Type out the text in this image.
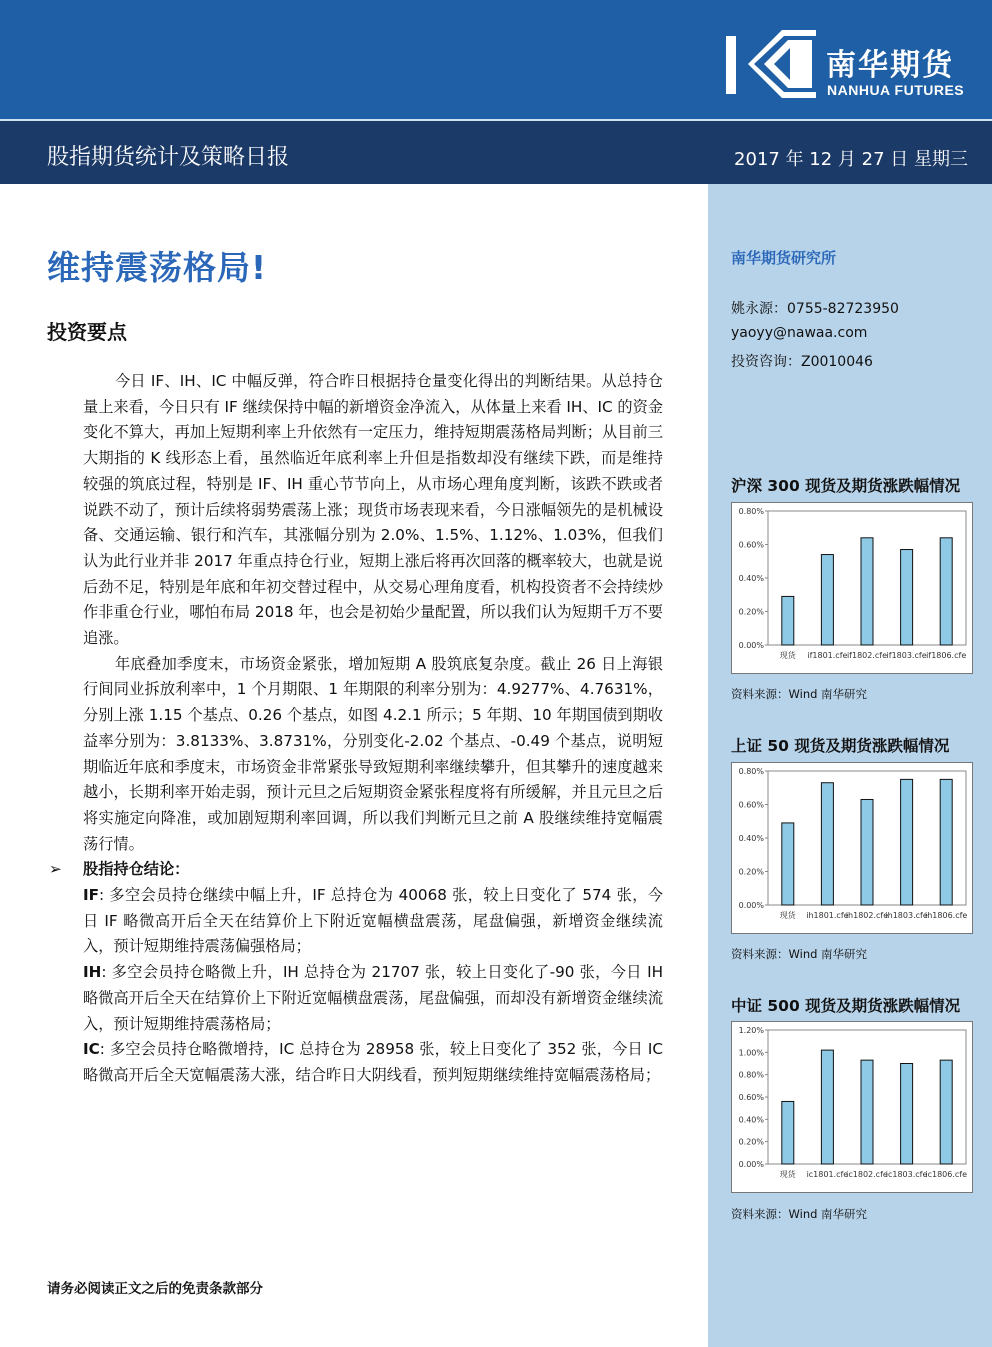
南华期货
NANHUA FUTURES
股指期货统计及策略日报	2017 年 12 月 27 日 星期三
维持震荡格局!
投资要点

今日 IF、IH、IC 中幅反弹，符合昨日根据持仓量变化得出的判断结果。从总持仓量上来看，今日只有 IF 继续保持中幅的新增资金净流入，从体量上来看 IH、IC 的资金变化不算大，再加上短期利率上升依然有一定压力，维持短期震荡格局判断；从目前三大期指的 K 线形态上看，虽然临近年底利率上升但是指数却没有继续下跌，而是维持较强的筑底过程，特别是 IF、IH 重心节节向上，从市场心理角度判断，该跌不跌或者说跌不动了，预计后续将弱势震荡上涨；现货市场表现来看，今日涨幅领先的是机械设备、交通运输、银行和汽车，其涨幅分别为 2.0%、1.5%、1.12%、1.03%，但我们认为此行业并非 2017 年重点持仓行业，短期上涨后将再次回落的概率较大，也就是说后劲不足，特别是年底和年初交替过程中，从交易心理角度看，机构投资者不会持续炒作非重仓行业，哪怕布局 2018 年，也会是初始少量配置，所以我们认为短期千万不要追涨。

年底叠加季度末，市场资金紧张，增加短期 A 股筑底复杂度。截止 26 日上海银行间同业拆放利率中，1 个月期限、1 年期限的利率分别为：4.9277%、4.7631%，分别上涨 1.15 个基点、0.26 个基点，如图 4.2.1 所示；5 年期、10 年期国债到期收益率分别为：3.8133%、3.8731%，分别变化-2.02 个基点、-0.49 个基点，说明短期临近年底和季度末，市场资金非常紧张导致短期利率继续攀升，但其攀升的速度越来越小，长期利率开始走弱，预计元旦之后短期资金紧张程度将有所缓解，并且元旦之后将实施定向降准，或加剧短期利率回调，所以我们判断元旦之前 A 股继续维持宽幅震荡行情。

➢	股指持仓结论：
IF: 多空会员持仓继续中幅上升，IF 总持仓为 40068 张，较上日变化了 574 张，今日 IF 略微高开后全天在结算价上下附近宽幅横盘震荡，尾盘偏强，新增资金继续流入，预计短期维持震荡偏强格局；
IH: 多空会员持仓略微上升，IH 总持仓为 21707 张，较上日变化了-90 张，今日 IH 略微高开后全天在结算价上下附近宽幅横盘震荡，尾盘偏强，而却没有新增资金继续流入，预计短期维持震荡格局；
IC: 多空会员持仓略微增持，IC 总持仓为 28958 张，较上日变化了 352 张，今日 IC 略微高开后全天宽幅震荡大涨，结合昨日大阴线看，预判短期继续维持宽幅震荡格局；
请务必阅读正文之后的免责条款部分
南华期货研究所
姚永源：0755-82723950
yaoyy@nawaa.com
投资咨询：Z0010046
沪深 300 现货及期货涨跌幅情况
0.00%
0.20%
0.40%
0.60%
0.80%
现货 if1801.cfe if1802.cfe if1803.cfe if1806.cfe
资料来源：Wind 南华研究
上证 50 现货及期货涨跌幅情况
0.00%
0.20%
0.40%
0.60%
0.80%
现货 ih1801.cfe
ih1802.cfe
ih1803.cfe
ih1806.cfe
资料来源：Wind 南华研究
中证 500 现货及期货涨跌幅情况
0.00%
0.20%
0.40%
0.60%
0.80%
1.00%
1.20%
现货 ic1801.cfe
ic1802.cfe
ic1803.cfe
ic1806.cfe
资料来源：Wind 南华研究
